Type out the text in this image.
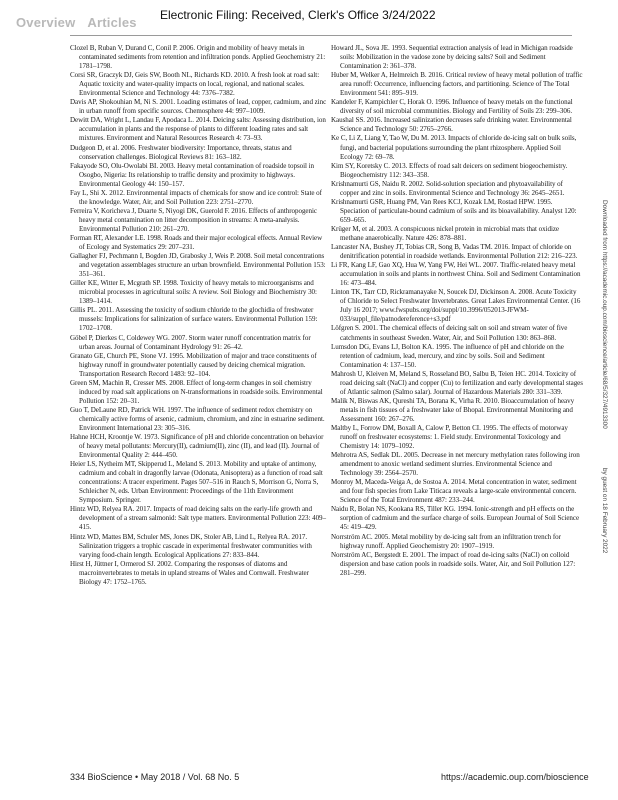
Electronic Filing: Received, Clerk's Office 3/24/2022
Overview Articles

Clozel B, Ruban V, Durand C, Conil P. 2006. Origin and mobility of heavy metals in contaminated sediments from retention and infiltration ponds. Applied Geochemistry 21: 1781–1798.

Corsi SR, Graczyk DJ, Geis SW, Booth NL, Richards KD. 2010. A fresh look at road salt: Aquatic toxicity and water-quality impacts on local, regional, and national scales. Environmental Science and Technology 44: 7376–7382.

Davis AP, Shokouhian M, Ni S. 2001. Loading estimates of lead, copper, cadmium, and zinc in urban runoff from specific sources. Chemosphere 44: 997–1009.

Dewitt DA, Wright L, Landau F, Apodaca L. 2014. Deicing salts: Assessing distribution, ion accumulation in plants and the response of plants to different loading rates and salt mixtures. Environment and Natural Resources Research 4: 73–93.

Dudgeon D, et al. 2006. Freshwater biodiversity: Importance, threats, status and conservation challenges. Biological Reviews 81: 163–182.

Fakayode SO, Olu-Owolabi BI. 2003. Heavy metal contamination of roadside topsoil in Osogbo, Nigeria: Its relationship to traffic density and proximity to highways. Environmental Geology 44: 150–157.

Fay L, Shi X. 2012. Environmental impacts of chemicals for snow and ice control: State of the knowledge. Water, Air, and Soil Pollution 223: 2751–2770.

Ferreira V, Koricheva J, Duarte S, Niyogi DK, Guerold F. 2016. Effects of anthropogenic heavy metal contamination on litter decomposition in streams: A meta-analysis. Environmental Pollution 210: 261–270.

Forman RT, Alexander LE. 1998. Roads and their major ecological effects. Annual Review of Ecology and Systematics 29: 207–231.

Gallagher FJ, Pechmann I, Bogden JD, Grabosky J, Weis P. 2008. Soil metal concentrations and vegetation assemblages structure an urban brownfield. Environmental Pollution 153: 351–361.

Giller KE, Witter E, Mcgrath SP. 1998. Toxicity of heavy metals to microorganisms and microbial processes in agricultural soils: A review. Soil Biology and Biochemistry 30: 1389–1414.

Gillis PL. 2011. Assessing the toxicity of sodium chloride to the glochidia of freshwater mussels: Implications for salinization of surface waters. Environmental Pollution 159: 1702–1708.

Göbel P, Dierkes C, Coldewey WG. 2007. Storm water runoff concentration matrix for urban areas. Journal of Contaminant Hydrology 91: 26–42.

Granato GE, Church PE, Stone VJ. 1995. Mobilization of major and trace constituents of highway runoff in groundwater potentially caused by deicing chemical migration. Transportation Research Record 1483: 92–104.

Green SM, Machin R, Cresser MS. 2008. Effect of long-term changes in soil chemistry induced by road salt applications on N-transformations in roadside soils. Environmental Pollution 152: 20–31.

Guo T, DeLaune RD, Patrick WH. 1997. The influence of sediment redox chemistry on chemically active forms of arsenic, cadmium, chromium, and zinc in estuarine sediment. Environment International 23: 305–316.

Hahne HCH, Kroontje W. 1973. Significance of pH and chloride concentration on behavior of heavy metal pollutants: Mercury(II), cadmium(II), zinc (II), and lead (II). Journal of Environmental Quality 2: 444–450.

Heier LS, Nytheim MT, Skipperud L, Meland S. 2013. Mobility and uptake of antimony, cadmium and cobalt in dragonfly larvae (Odonata, Anisoptera) as a function of road salt concentrations: A tracer experiment. Pages 507–516 in Rauch S, Morrison G, Norra S, Schleicher N, eds. Urban Environment: Proceedings of the 11th Environment Symposium. Springer.

Hintz WD, Relyea RA. 2017. Impacts of road deicing salts on the early-life growth and development of a stream salmonid: Salt type matters. Environmental Pollution 223: 409–415.

Hintz WD, Mattes BM, Schuler MS, Jones DK, Stoler AB, Lind L, Relyea RA. 2017. Salinization triggers a trophic cascade in experimental freshwater communities with varying food-chain length. Ecological Applications 27: 833–844.

Hirst H, Jüttner I, Ormerod SJ. 2002. Comparing the responses of diatoms and macroinvertebrates to metals in upland streams of Wales and Cornwall. Freshwater Biology 47: 1752–1765.

Howard JL, Sova JE. 1993. Sequential extraction analysis of lead in Michigan roadside soils: Mobilization in the vadose zone by deicing salts? Soil and Sediment Contamination 2: 361–378.

Huber M, Welker A, Helmreich B. 2016. Critical review of heavy metal pollution of traffic area runoff: Occurrence, influencing factors, and partitioning. Science of The Total Environment 541: 895–919.

Kandeler F, Kampichler C, Horak O. 1996. Influence of heavy metals on the functional diversity of soil microbial communities. Biology and Fertility of Soils 23: 299–306.

Kaushal SS. 2016. Increased salinization decreases safe drinking water. Environmental Science and Technology 50: 2765–2766.

Ke C, Li Z, Liang Y, Tao W, Du M. 2013. Impacts of chloride de-icing salt on bulk soils, fungi, and bacterial populations surrounding the plant rhizosphere. Applied Soil Ecology 72: 69–78.

Kim SY, Koretsky C. 2013. Effects of road salt deicers on sediment biogeochemistry. Biogeochemistry 112: 343–358.

Krishnamurti GS, Naidu R. 2002. Solid-solution speciation and phytoavailability of copper and zinc in soils. Environmental Science and Technology 36: 2645–2651.

Krishnamurti GSR, Huang PM, Van Rees KCJ, Kozak LM, Rostad HPW. 1995. Speciation of particulate-bound cadmium of soils and its bioavailability. Analyst 120: 659–665.

Krüger M, et al. 2003. A conspicuous nickel protein in microbial mats that oxidize methane anaerobically. Nature 426: 878–881.

Lancaster NA, Bushey JT, Tobias CR, Song B, Vadas TM. 2016. Impact of chloride on denitrification potential in roadside wetlands. Environmental Pollution 212: 216–223.

Li FR, Kang LF, Gao XQ, Hua W, Yang FW, Hei WL. 2007. Traffic-related heavy metal accumulation in soils and plants in northwest China. Soil and Sediment Contamination 16: 473–484.

Linton TK, Tarr CD, Rickramanayake N, Soucek DJ, Dickinson A. 2008. Acute Toxicity of Chloride to Select Freshwater Invertebrates. Great Lakes Environmental Center. (16 July 16 2017; www.fwspubs.org/doi/suppl/10.3996/052013-JFWM-033/suppl_file/patnodereference+s3.pdf

Löfgren S. 2001. The chemical effects of deicing salt on soil and stream water of five catchments in southeast Sweden. Water, Air, and Soil Pollution 130: 863–868.

Lumsdon DG, Evans LJ, Bolton KA. 1995. The influence of pH and chloride on the retention of cadmium, lead, mercury, and zinc by soils. Soil and Sediment Contamination 4: 137–150.

Mahrosh U, Kleiven M, Meland S, Rosseland BO, Salbu B, Teien HC. 2014. Toxicity of road deicing salt (NaCl) and copper (Cu) to fertilization and early developmental stages of Atlantic salmon (Salmo salar). Journal of Hazardous Materials 280: 331–339.

Malik N, Biswas AK, Qureshi TA, Borana K, Virha R. 2010. Bioaccumulation of heavy metals in fish tissues of a freshwater lake of Bhopal. Environmental Monitoring and Assessment 160: 267–276.

Maltby L, Forrow DM, Boxall A, Calow P, Betton CI. 1995. The effects of motorway runoff on freshwater ecosystems: 1. Field study. Environmental Toxicology and Chemistry 14: 1079–1092.

Mehrotra AS, Sedlak DL. 2005. Decrease in net mercury methylation rates following iron amendment to anoxic wetland sediment slurries. Environmental Science and Technology 39: 2564–2570.

Monroy M, Maceda-Veiga A, de Sostoa A. 2014. Metal concentration in water, sediment and four fish species from Lake Titicaca reveals a large-scale environmental concern. Science of the Total Environment 487: 233–244.

Naidu R, Bolan NS, Kookana RS, Tiller KG. 1994. Ionic-strength and pH effects on the sorption of cadmium and the surface charge of soils. European Journal of Soil Science 45: 419–429.

Norrström AC. 2005. Metal mobility by de-icing salt from an infiltration trench for highway runoff. Applied Geochemistry 20: 1907–1919.

Norrström AC, Bergstedt E. 2001. The impact of road de-icing salts (NaCl) on colloid dispersion and base cation pools in roadside soils. Water, Air, and Soil Pollution 127: 281–299.

Downloaded from https://academic.oup.com/bioscience/article/68/5/327/4913300
by guest on 18 February 2022
334 BioScience • May 2018 / Vol. 68 No. 5	https://academic.oup.com/bioscience
